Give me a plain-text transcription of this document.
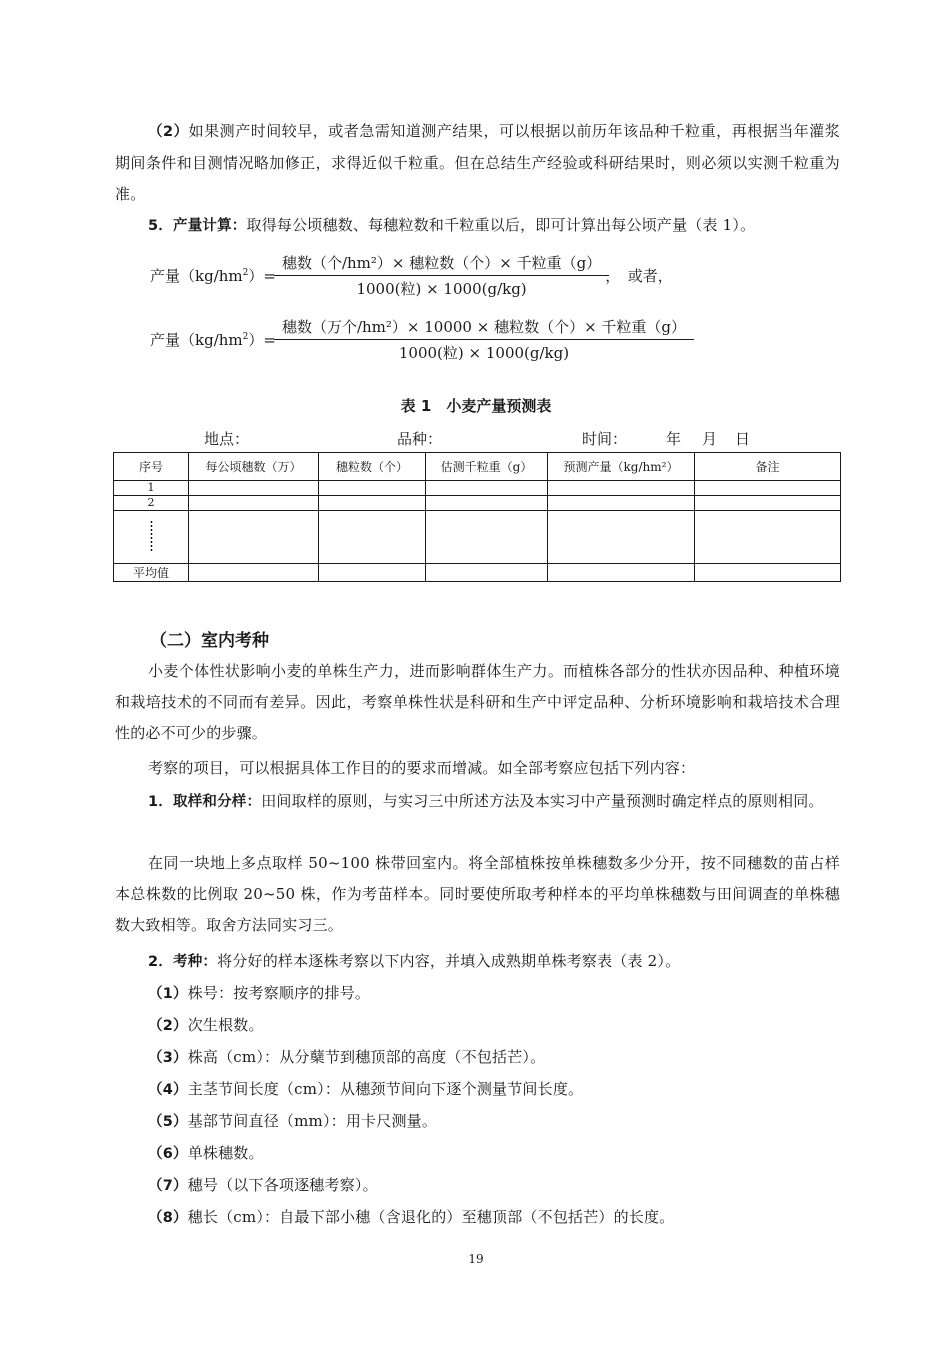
（2）如果测产时间较早，或者急需知道测产结果，可以根据以前历年该品种千粒重，再根据当年灌浆期间条件和目测情况略加修正，求得近似千粒重。但在总结生产经验或科研结果时，则必须以实测千粒重为准。

5．产量计算：取得每公顷穗数、每穗粒数和千粒重以后，即可计算出每公顷产量（表 1）。

产量$(kg/hm^2)= \frac{\text{穗数（个/hm²）× 穗粒数（个）× 千粒重（g）}}{\text{1000(粒) × 1000(g/kg)}}$ ，　或者，
产量$(kg/hm^2)= \frac{\text{穗数（万个/hm²）× 10000 × 穗粒数（个）× 千粒重（g）}}{\text{1000(粒) × 1000(g/kg)}}$
表 1　小麦产量预测表
地点：	品种：	时间：	年 月 日
序号	每公顷穗数（万）	穗粒数（个）	估测千粒重（g）	预测产量（kg/hm²）	备注
1					
2					

平均值					
（二）室内考种

小麦个体性状影响小麦的单株生产力，进而影响群体生产力。而植株各部分的性状亦因品种、种植环境和栽培技术的不同而有差异。因此，考察单株性状是科研和生产中评定品种、分析环境影响和栽培技术合理性的必不可少的步骤。

考察的项目，可以根据具体工作目的的要求而增减。如全部考察应包括下列内容：

1．取样和分样：田间取样的原则，与实习三中所述方法及本实习中产量预测时确定样点的原则相同。

在同一块地上多点取样 50~100 株带回室内。将全部植株按单株穗数多少分开，按不同穗数的苗占样本总株数的比例取 20~50 株，作为考苗样本。同时要使所取考种样本的平均单株穗数与田间调查的单株穗数大致相等。取舍方法同实习三。

2．考种：将分好的样本逐株考察以下内容，并填入成熟期单株考察表（表 2）。

（1）株号：按考察顺序的排号。

（2）次生根数。

（3）株高（cm）：从分蘖节到穗顶部的高度（不包括芒）。

（4）主茎节间长度（cm）：从穗颈节间向下逐个测量节间长度。

（5）基部节间直径（mm）：用卡尺测量。

（6）单株穗数。

（7）穗号（以下各项逐穗考察）。

（8）穗长（cm）：自最下部小穗（含退化的）至穗顶部（不包括芒）的长度。

19
